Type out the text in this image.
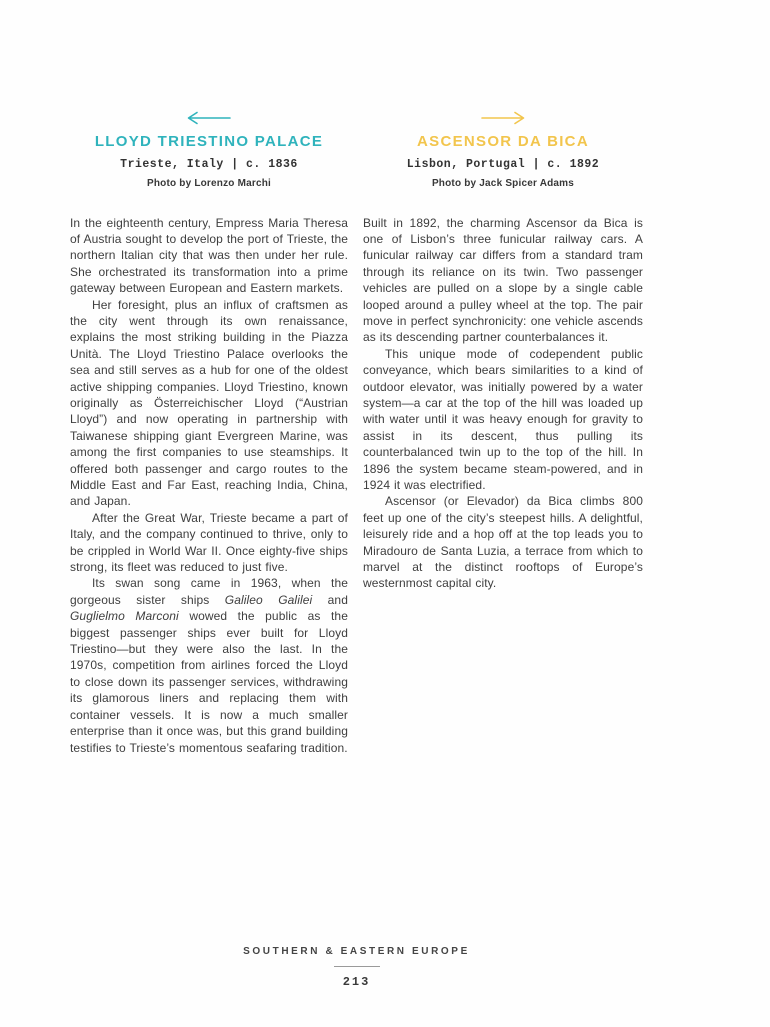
LLOYD TRIESTINO PALACE
Trieste, Italy | c. 1836
Photo by Lorenzo Marchi

In the eighteenth century, Empress Maria Theresa of Austria sought to develop the port of Trieste, the northern Italian city that was then under her rule. She orchestrated its transformation into a prime gateway between European and Eastern markets.

Her foresight, plus an influx of craftsmen as the city went through its own renaissance, explains the most striking building in the Piazza Unità. The Lloyd Triestino Palace overlooks the sea and still serves as a hub for one of the oldest active shipping companies. Lloyd Triestino, known originally as Österreichischer Lloyd (“Austrian Lloyd”) and now operating in partnership with Taiwanese shipping giant Evergreen Marine, was among the first companies to use steamships. It offered both passenger and cargo routes to the Middle East and Far East, reaching India, China, and Japan.

After the Great War, Trieste became a part of Italy, and the company continued to thrive, only to be crippled in World War II. Once eighty-five ships strong, its fleet was reduced to just five.

Its swan song came in 1963, when the gorgeous sister ships Galileo Galilei and Guglielmo Marconi wowed the public as the biggest passenger ships ever built for Lloyd Triestino—but they were also the last. In the 1970s, competition from airlines forced the Lloyd to close down its passenger services, withdrawing its glamorous liners and replacing them with container vessels. It is now a much smaller enterprise than it once was, but this grand building testifies to Trieste’s momentous seafaring tradition.

ASCENSOR DA BICA
Lisbon, Portugal | c. 1892
Photo by Jack Spicer Adams

Built in 1892, the charming Ascensor da Bica is one of Lisbon’s three funicular railway cars. A funicular railway car differs from a standard tram through its reliance on its twin. Two passenger vehicles are pulled on a slope by a single cable looped around a pulley wheel at the top. The pair move in perfect synchronicity: one vehicle ascends as its descending partner counterbalances it.

This unique mode of codependent public conveyance, which bears similarities to a kind of outdoor elevator, was initially powered by a water system—a car at the top of the hill was loaded up with water until it was heavy enough for gravity to assist in its descent, thus pulling its counterbalanced twin up to the top of the hill. In 1896 the system became steam-powered, and in 1924 it was electrified.

Ascensor (or Elevador) da Bica climbs 800 feet up one of the city’s steepest hills. A delightful, leisurely ride and a hop off at the top leads you to Miradouro de Santa Luzia, a terrace from which to marvel at the distinct rooftops of Europe’s westernmost capital city.

SOUTHERN & EASTERN EUROPE
213
